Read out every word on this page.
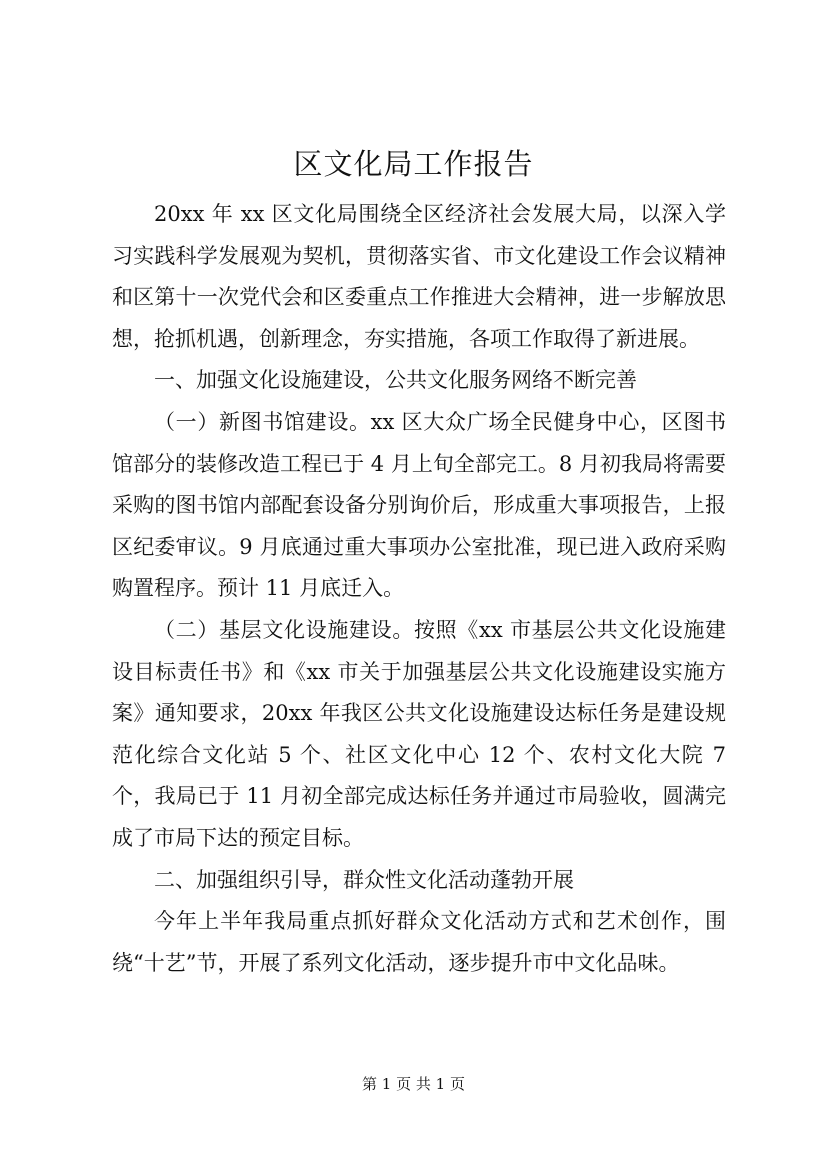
区文化局工作报告

20xx 年 xx 区文化局围绕全区经济社会发展大局，以深入学习实践科学发展观为契机，贯彻落实省、市文化建设工作会议精神和区第十一次党代会和区委重点工作推进大会精神，进一步解放思想，抢抓机遇，创新理念，夯实措施，各项工作取得了新进展。

一、加强文化设施建设，公共文化服务网络不断完善

（一）新图书馆建设。xx 区大众广场全民健身中心，区图书馆部分的装修改造工程已于 4 月上旬全部完工。8 月初我局将需要采购的图书馆内部配套设备分别询价后，形成重大事项报告，上报区纪委审议。9 月底通过重大事项办公室批准，现已进入政府采购购置程序。预计 11 月底迁入。

（二）基层文化设施建设。按照《xx 市基层公共文化设施建设目标责任书》和《xx 市关于加强基层公共文化设施建设实施方案》通知要求，20xx 年我区公共文化设施建设达标任务是建设规范化综合文化站 5 个、社区文化中心 12 个、农村文化大院 7 个，我局已于 11 月初全部完成达标任务并通过市局验收，圆满完成了市局下达的预定目标。

二、加强组织引导，群众性文化活动蓬勃开展

今年上半年我局重点抓好群众文化活动方式和艺术创作，围绕“十艺”节，开展了系列文化活动，逐步提升市中文化品味。

第 1 页 共 1 页
